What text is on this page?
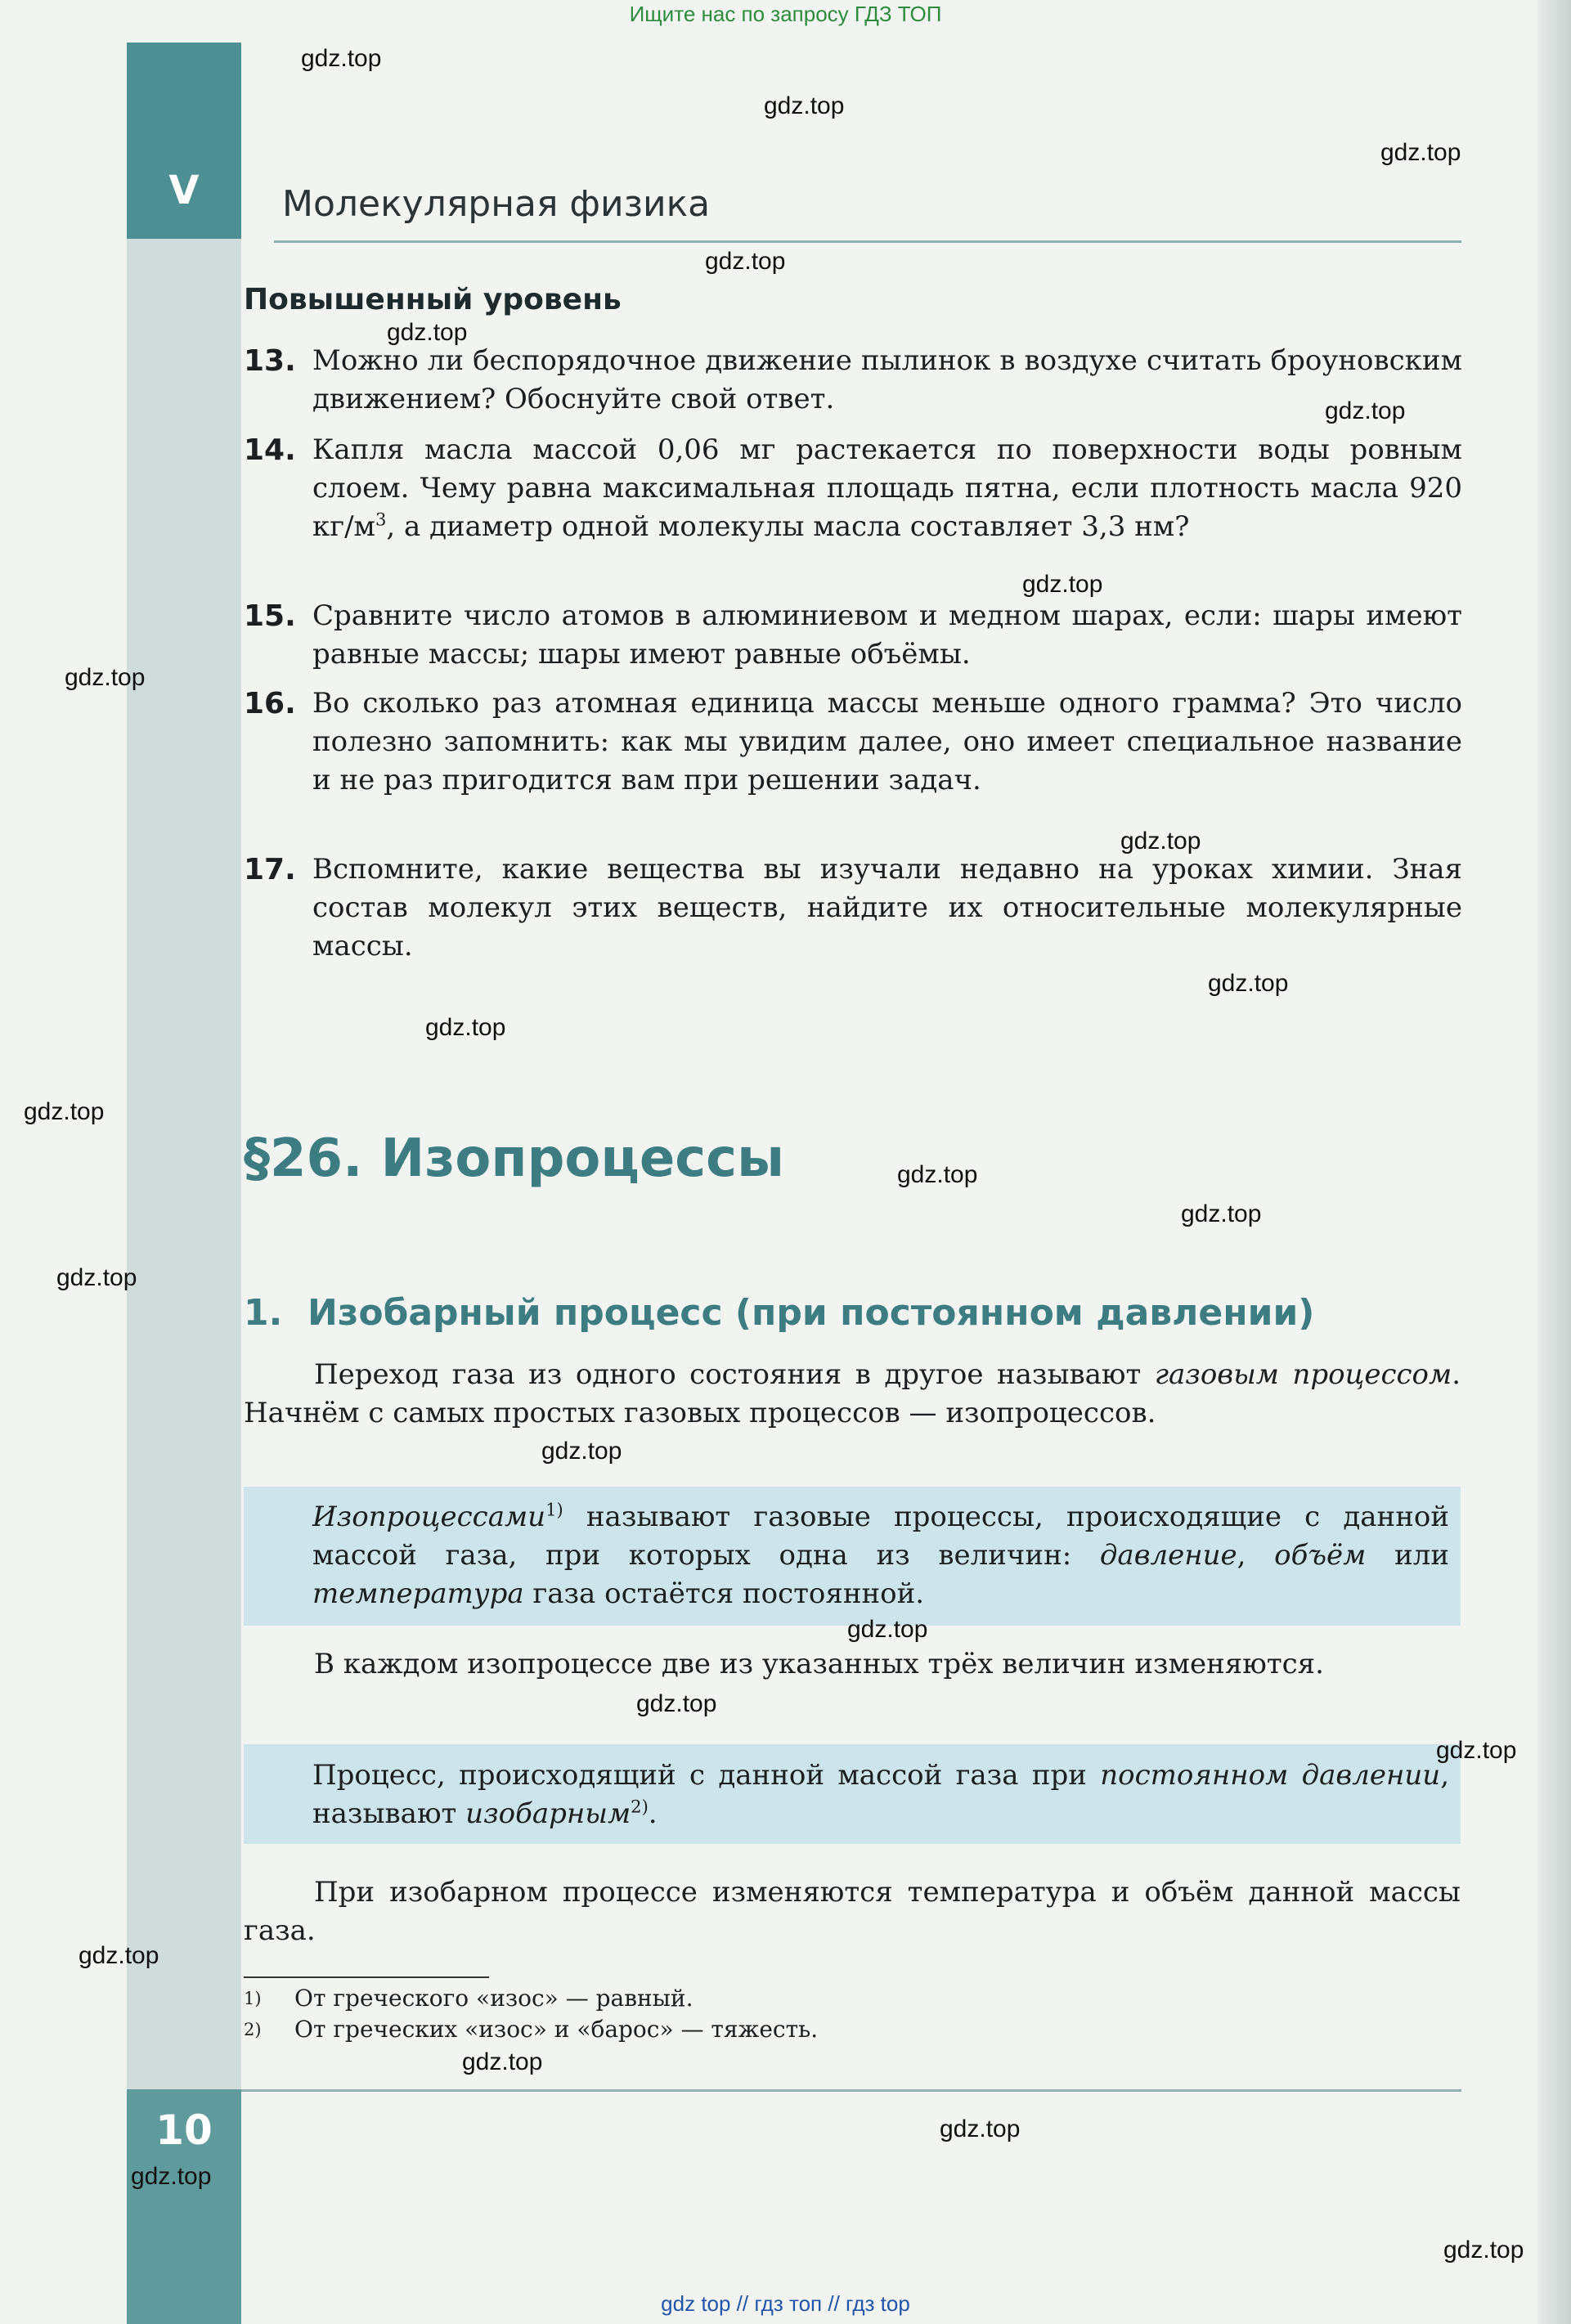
V	Молекулярная физика
Ищите нас по запросу ГДЗ ТОП
Повышенный уровень
13. Можно ли беспорядочное движение пылинок в воздухе считать броуновским движением? Обоснуйте свой ответ.
14. Капля масла массой 0,06 мг растекается по поверхности воды ровным слоем. Чему равна максимальная площадь пятна, если плотность масла 920 $кг/м^3$, а диаметр одной молекулы масла составляет 3,3 нм?
15. Сравните число атомов в алюминиевом и медном шарах, если: шары имеют равные массы; шары имеют равные объёмы.
16. Во сколько раз атомная единица массы меньше одного грамма? Это число полезно запомнить: как мы увидим далее, оно имеет специальное название и не раз пригодится вам при решении задач.
17. Вспомните, какие вещества вы изучали недавно на уроках химии. Зная состав молекул этих веществ, найдите их относительные молекулярные массы.
§26. Изопроцессы
1. Изобарный процесс (при постоянном давлении)
Переход газа из одного состояния в другое называют газовым процессом. Начнём с самых простых газовых процессов — изопроцессов.
Изопроцессами$^{1)}$ называют газовые процессы, происходящие с данной массой газа, при которых одна из величин: давление, объём или температура газа остаётся постоянной.
В каждом изопроцессе две из указанных трёх величин изменяются.
Процесс, происходящий с данной массой газа при постоянном давлении, называют изобарным$^{2)}$.
При изобарном процессе изменяются температура и объём данной массы газа.
1) От греческого «изос» — равный.
2) От греческих «изос» и «барос» — тяжесть.
10
gdz.top
gdz.top
gdz.top
gdz.top
gdz.top
gdz.top
gdz.top
gdz.top
gdz.top
gdz.top
gdz.top
gdz.top
gdz.top
gdz.top
gdz.top
gdz.top
gdz.top
gdz.top
gdz.top
gdz.top
gdz.top
gdz.top
gdz.top
gdz.top
gdz top // гдз топ // гдз top
